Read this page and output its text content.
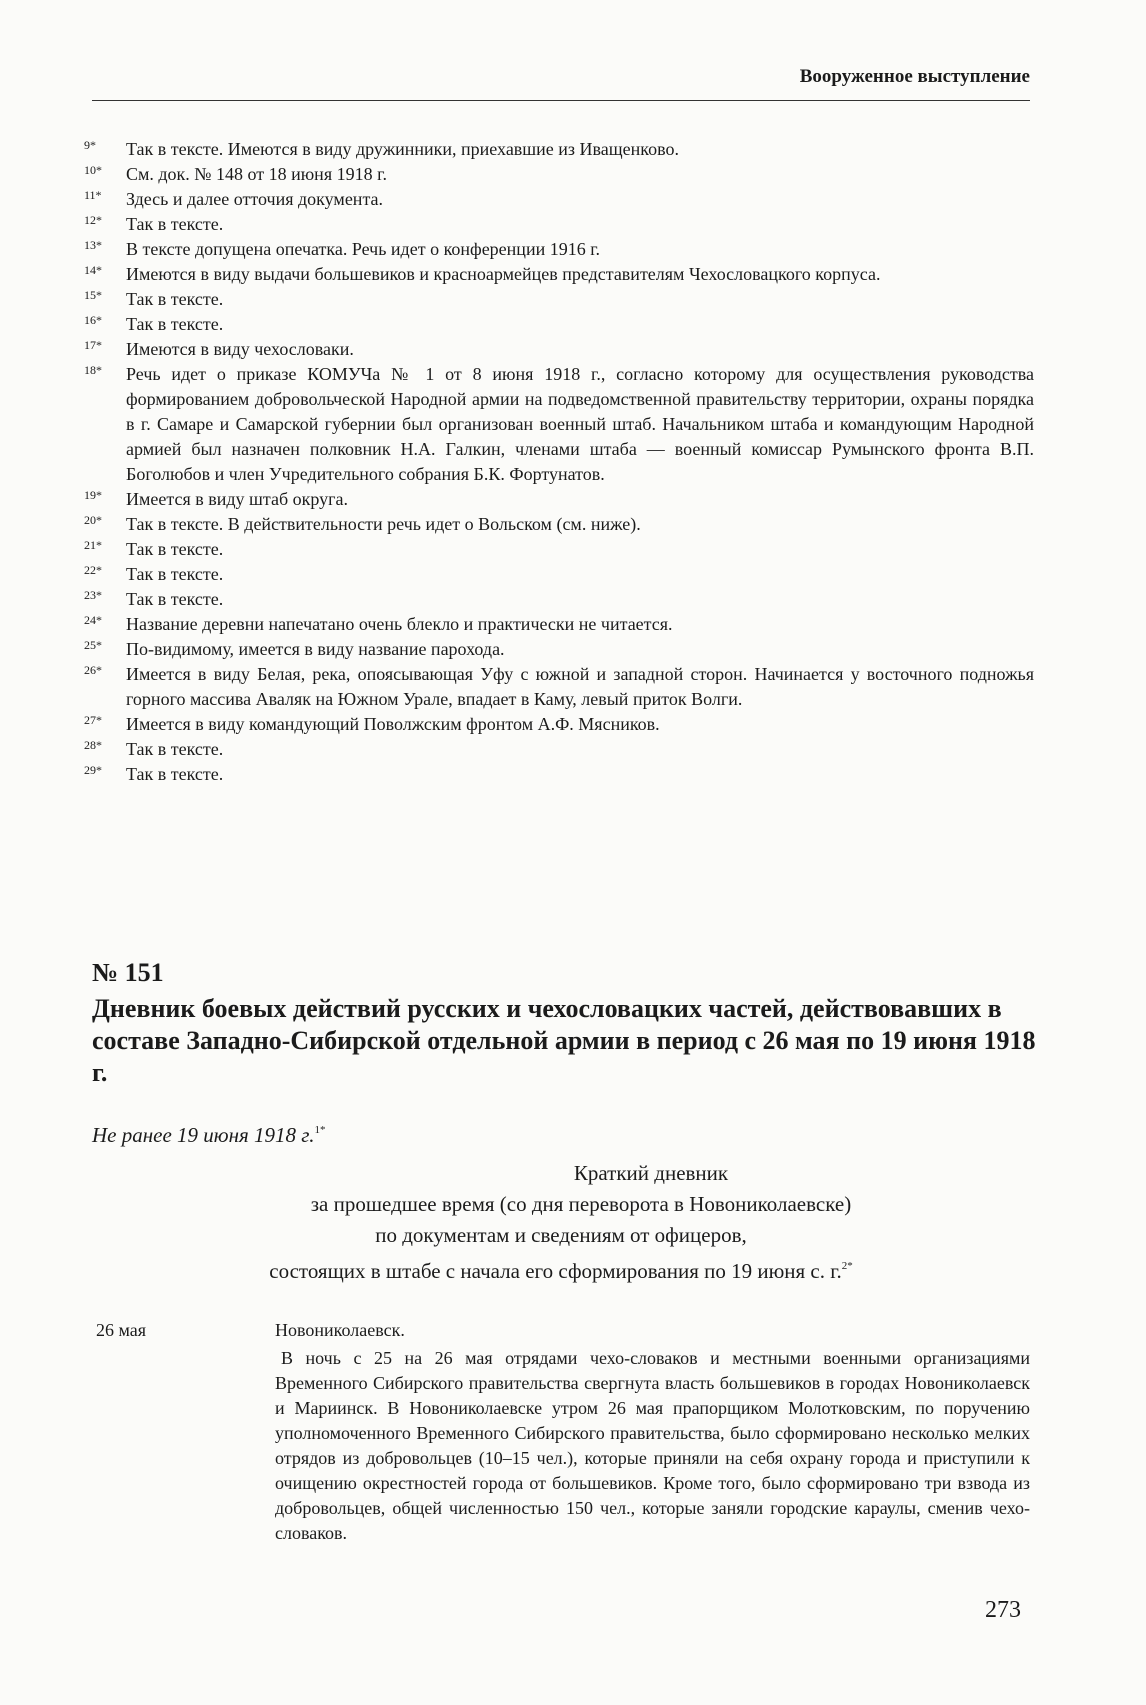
Вооруженное выступление
9*	Так в тексте. Имеются в виду дружинники, приехавшие из Иващенково.
10*	См. док. № 148 от 18 июня 1918 г.
11*	Здесь и далее отточия документа.
12*	Так в тексте.
13*	В тексте допущена опечатка. Речь идет о конференции 1916 г.
14*	Имеются в виду выдачи большевиков и красноармейцев представителям Чехословацкого корпуса.
15*	Так в тексте.
16*	Так в тексте.
17*	Имеются в виду чехословаки.
18*	Речь идет о приказе КОМУЧа № 1 от 8 июня 1918 г., согласно которому для осуществления руководства формированием добровольческой Народной армии на подведомственной правительству территории, охраны порядка в г. Самаре и Самарской губернии был организован военный штаб. Начальником штаба и командующим Народной армией был назначен полковник Н.А. Галкин, членами штаба — военный комиссар Румынского фронта В.П. Боголюбов и член Учредительного собрания Б.К. Фортунатов.
19*	Имеется в виду штаб округа.
20*	Так в тексте. В действительности речь идет о Вольском (см. ниже).
21*	Так в тексте.
22*	Так в тексте.
23*	Так в тексте.
24*	Название деревни напечатано очень блекло и практически не читается.
25*	По-видимому, имеется в виду название парохода.
26*	Имеется в виду Белая, река, опоясывающая Уфу с южной и западной сторон. Начинается у восточного подножья горного массива Аваляк на Южном Урале, впадает в Каму, левый приток Волги.
27*	Имеется в виду командующий Поволжским фронтом А.Ф. Мясников.
28*	Так в тексте.
29*	Так в тексте.
№ 151
Дневник боевых действий русских и чехословацких частей, действовавших в составе Западно-Сибирской отдельной армии в период с 26 мая по 19 июня 1918 г.
Не ранее 19 июня 1918 г.$^{1*}$
Краткий дневник
за прошедшее время (со дня переворота в Новониколаевске)
по документам и сведениям от офицеров,
состоящих в штабе с начала его сформирования по 19 июня с. г.$^{2*}$
26 мая	Новониколаевск.
В ночь с 25 на 26 мая отрядами чехо-словаков и местными военными организациями Временного Сибирского правительства свергнута власть большевиков в городах Новониколаевск и Мариинск. В Новониколаевске утром 26 мая прапорщиком Молотковским, по поручению уполномоченного Временного Сибирского правительства, было сформировано несколько мелких отрядов из добровольцев (10–15 чел.), которые приняли на себя охрану города и приступили к очищению окрестностей города от большевиков. Кроме того, было сформировано три взвода из добровольцев, общей численностью 150 чел., которые заняли городские караулы, сменив чехо-словаков.
273
